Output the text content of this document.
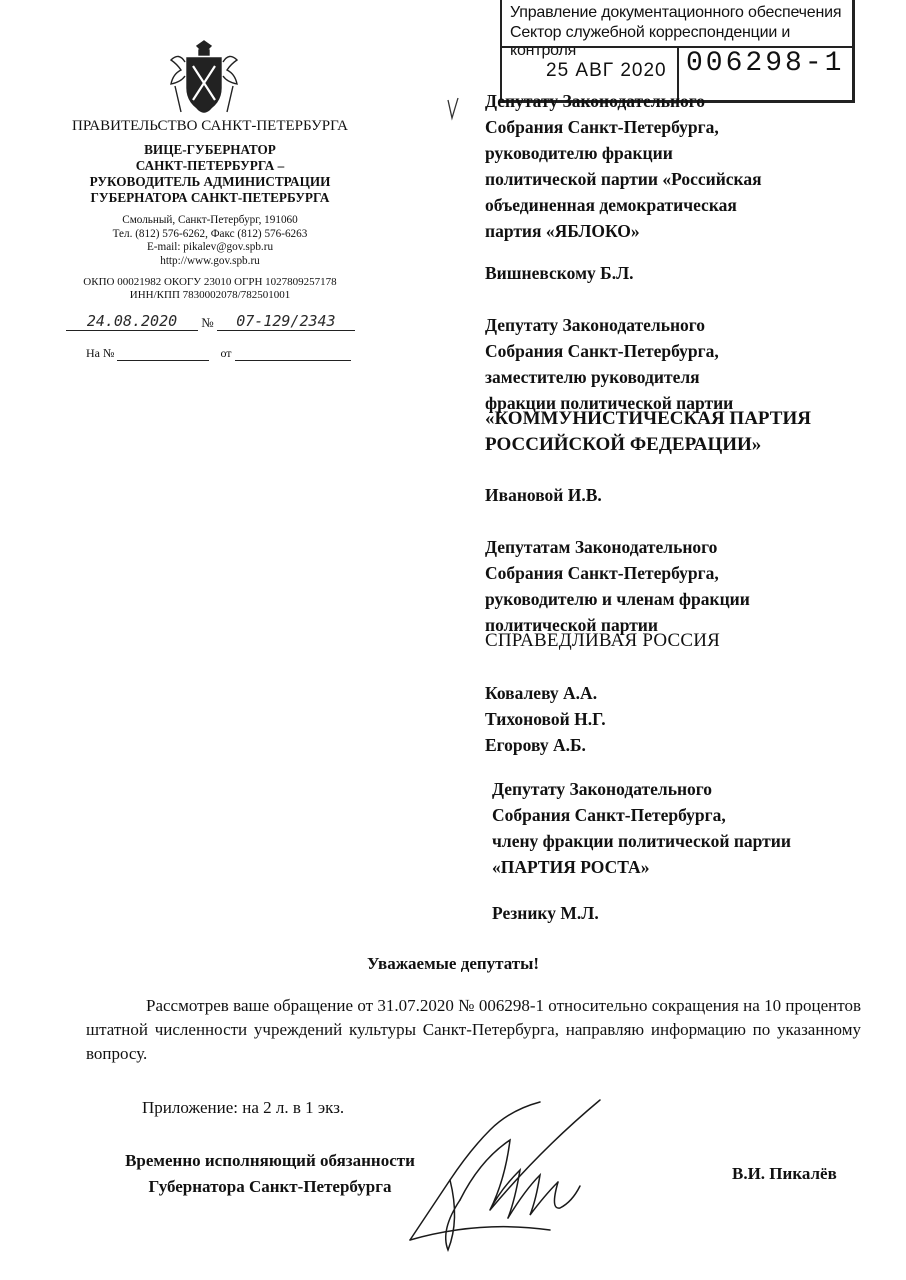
Управление документационного обеспечения
Сектор служебной корреспонденции и контроля
25 АВГ 2020 006298-1
ПРАВИТЕЛЬСТВО САНКТ-ПЕТЕРБУРГА
ВИЦЕ-ГУБЕРНАТОР
САНКТ-ПЕТЕРБУРГА –
РУКОВОДИТЕЛЬ АДМИНИСТРАЦИИ
ГУБЕРНАТОРА САНКТ-ПЕТЕРБУРГА
Смольный, Санкт-Петербург, 191060
Тел. (812) 576-6262, Факс (812) 576-6263
E-mail: pikalev@gov.spb.ru
http://www.gov.spb.ru
ОКПО 00021982 ОКОГУ 23010 ОГРН 1027809257178
ИНН/КПП 7830002078/782501001
24.08.2020 № 07-129/2343
На №	от
Депутату Законодательного
Собрания Санкт-Петербурга,
руководителю фракции
политической партии «Российская
объединенная демократическая
партия «ЯБЛОКО»
Вишневскому Б.Л.
Депутату Законодательного
Собрания Санкт-Петербурга,
заместителю руководителя
фракции политической партии
«КОММУНИСТИЧЕСКАЯ ПАРТИЯ
РОССИЙСКОЙ ФЕДЕРАЦИИ»
Ивановой И.В.
Депутатам Законодательного
Собрания Санкт-Петербурга,
руководителю и членам фракции
политической партии
СПРАВЕДЛИВАЯ РОССИЯ
Ковалеву А.А.
Тихоновой Н.Г.
Егорову А.Б.
Депутату Законодательного
Собрания Санкт-Петербурга,
члену фракции политической партии
«ПАРТИЯ РОСТА»
Резнику М.Л.
Уважаемые депутаты!
Рассмотрев ваше обращение от 31.07.2020 № 006298-1 относительно сокращения на 10 процентов штатной численности учреждений культуры Санкт-Петербурга, направляю информацию по указанному вопросу.
Приложение: на 2 л. в 1 экз.
Временно исполняющий обязанности
Губернатора Санкт-Петербурга
В.И. Пикалёв
